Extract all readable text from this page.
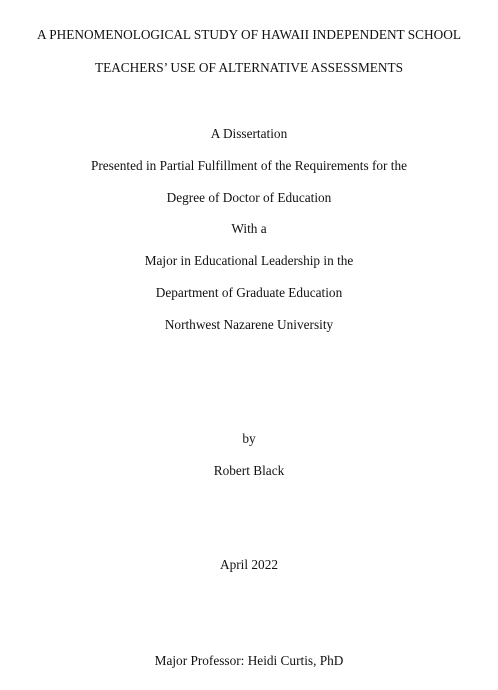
A PHENOMENOLOGICAL STUDY OF HAWAII INDEPENDENT SCHOOL
TEACHERS’ USE OF ALTERNATIVE ASSESSMENTS
A Dissertation
Presented in Partial Fulfillment of the Requirements for the
Degree of Doctor of Education
With a
Major in Educational Leadership in the
Department of Graduate Education
Northwest Nazarene University
by
Robert Black
April 2022
Major Professor: Heidi Curtis, PhD
